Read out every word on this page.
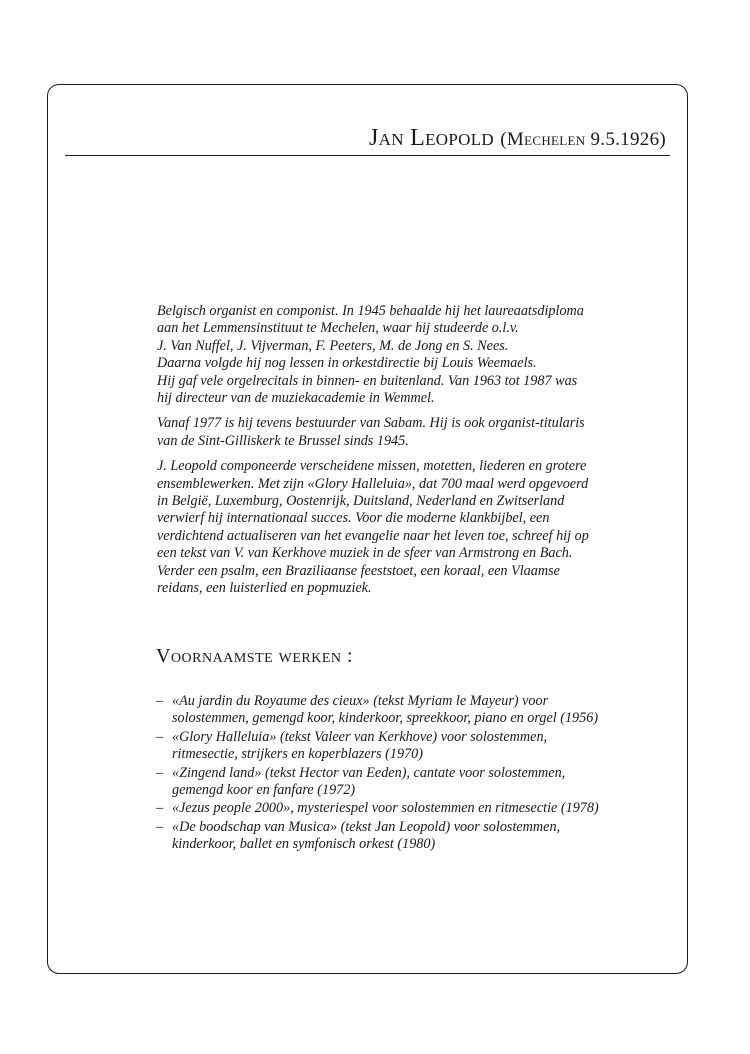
Jan Leopold (Mechelen 9.5.1926)

Belgisch organist en componist. In 1945 behaalde hij het laureaatsdiploma
aan het Lemmensinstituut te Mechelen, waar hij studeerde o.l.v.
J. Van Nuffel, J. Vijverman, F. Peeters, M. de Jong en S. Nees.
Daarna volgde hij nog lessen in orkestdirectie bij Louis Weemaels.
Hij gaf vele orgelrecitals in binnen- en buitenland. Van 1963 tot 1987 was
hij directeur van de muziekacademie in Wemmel.

Vanaf 1977 is hij tevens bestuurder van Sabam. Hij is ook organist-titularis
van de Sint-Gilliskerk te Brussel sinds 1945.

J. Leopold componeerde verscheidene missen, motetten, liederen en grotere
ensemblewerken. Met zijn «Glory Halleluia», dat 700 maal werd opgevoerd
in België, Luxemburg, Oostenrijk, Duitsland, Nederland en Zwitserland
verwierf hij internationaal succes. Voor die moderne klankbijbel, een
verdichtend actualiseren van het evangelie naar het leven toe, schreef hij op
een tekst van V. van Kerkhove muziek in de sfeer van Armstrong en Bach.
Verder een psalm, een Braziliaanse feeststoet, een koraal, een Vlaamse
reidans, een luisterlied en popmuziek.

Voornaamste werken :
– «Au jardin du Royaume des cieux» (tekst Myriam le Mayeur) voor
solostemmen, gemengd koor, kinderkoor, spreekkoor, piano en orgel (1956)
– «Glory Halleluia» (tekst Valeer van Kerkhove) voor solostemmen,
ritmesectie, strijkers en koperblazers (1970)
– «Zingend land» (tekst Hector van Eeden), cantate voor solostemmen,
gemengd koor en fanfare (1972)
– «Jezus people 2000», mysteriespel voor solostemmen en ritmesectie (1978)
– «De boodschap van Musica» (tekst Jan Leopold) voor solostemmen,
kinderkoor, ballet en symfonisch orkest (1980)
